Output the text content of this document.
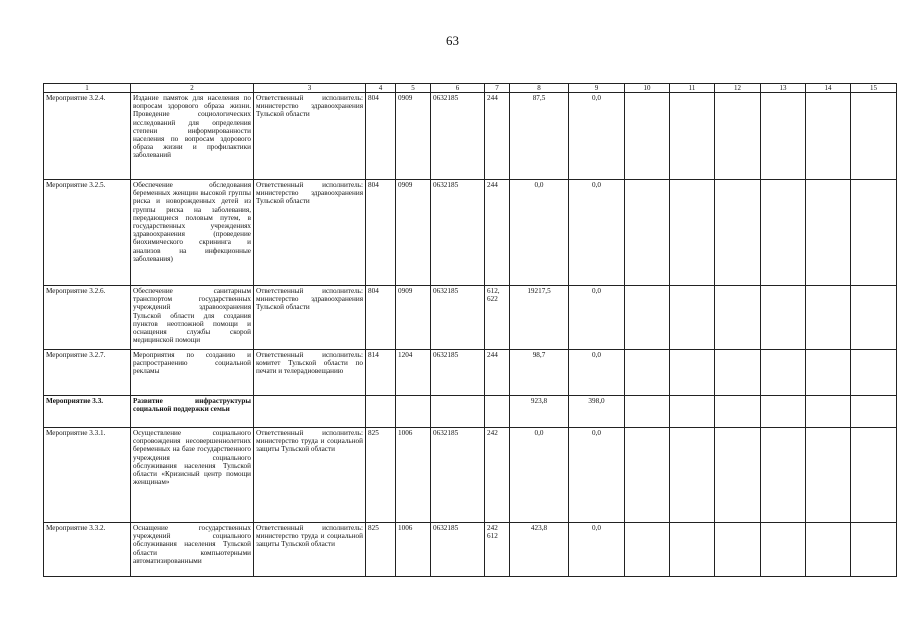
63
1	2	3	4	5	6	7	8	9	10	11	12	13	14	15
Мероприятие 3.2.4.	Издание памяток для населения по вопросам здорового образа жизни. Проведение социологических исследований для определения степени информированности населения по вопросам здорового образа жизни и профилактики заболеваний	Ответственный исполнитель: министерство здравоохранения Тульской области	804	0909	0632185	244	87,5	0,0						
Мероприятие 3.2.5.	Обеспечение обследования беременных женщин высокой группы риска и новорожденных детей из группы риска на заболевания, передающиеся половым путем, в государственных учреждениях здравоохранения (проведение биохимического скрининга и анализов на инфекционные заболевания)	Ответственный исполнитель: министерство здравоохранения Тульской области	804	0909	0632185	244	0,0	0,0						
Мероприятие 3.2.6.	Обеспечение санитарным транспортом государственных учреждений здравоохранения Тульской области для создания пунктов неотложной помощи и оснащения службы скорой медицинской помощи	Ответственный исполнитель: министерство здравоохранения Тульской области	804	0909	0632185	612, 622	19217,5	0,0						
Мероприятие 3.2.7.	Мероприятия по созданию и распространению социальной рекламы	Ответственный исполнитель: комитет Тульской области по печати и телерадиовещанию	814	1204	0632185	244	98,7	0,0						
Мероприятие 3.3.	Развитие инфраструктуры социальной поддержки семьи						923,8	398,0						
Мероприятие 3.3.1.	Осуществление социального сопровождения несовершеннолетних беременных на базе государственного учреждения социального обслуживания населения Тульской области «Кризисный центр помощи женщинам»	Ответственный исполнитель: министерство труда и социальной защиты Тульской области	825	1006	0632185	242	0,0	0,0						
Мероприятие 3.3.2.	Оснащение государственных учреждений социального обслуживания населения Тульской области компьютерными автоматизированными	Ответственный исполнитель: министерство труда и социальной защиты Тульской области	825	1006	0632185	242 612	423,8	0,0						
